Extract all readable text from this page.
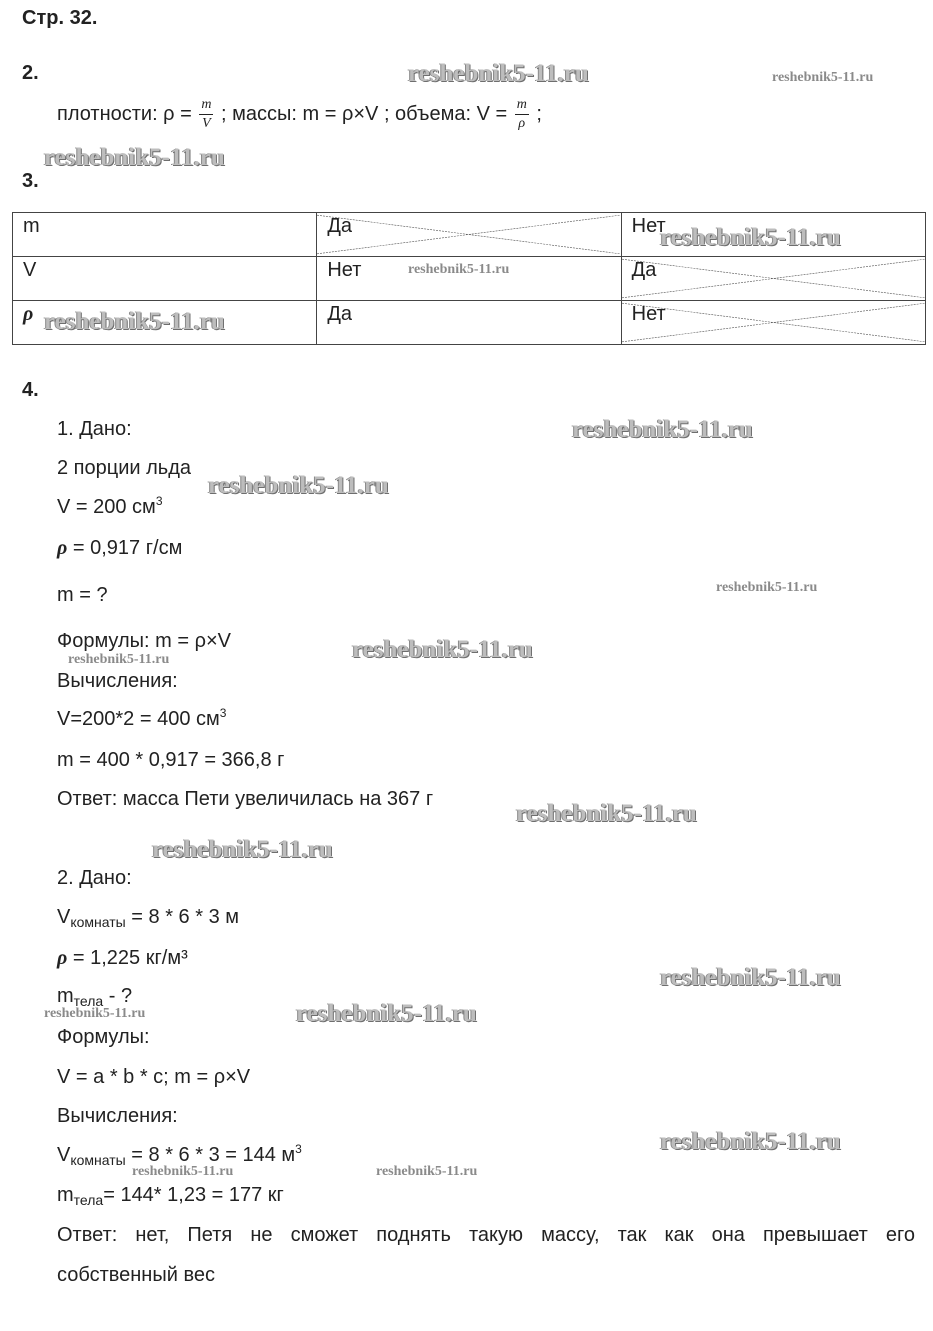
Стр. 32.
2.
плотности: $\rho = \frac{m}{V}$ ; массы: m = ρ×V ; объема: $V = \frac{m}{\rho}$ ;
3.
m	Да	Нет
V	Нет	Да
ρ	Да	Нет
4.
1. Дано:
2 порции льда
V = 200 $см^3$
ρ = 0,917 г/см
m = ?
Формулы: m = ρ×V
Вычисления:
V=200*2 = 400 $см^3$
m = 400 * 0,917 = 366,8 г
Ответ: масса Пети увеличилась на 367 г
2. Дано:
$V_{комнаты} = 8 * 6 * 3$ м
ρ = 1,225 кг/м³
$m_{тела}$ - ?
Формулы:
V = a * b * c; m = ρ×V
Вычисления:
$V_{комнаты} = 8 * 6 * 3 = 144$ $м^3$
$m_{тела}= 144*$ 1,23 = 177 кг
Ответ: нет, Петя не сможет поднять такую массу, так как она превышает его
собственный вес
reshebnik5-11.ru	reshebnik5-11.ru
reshebnik5-11.ru
reshebnik5-11.ru
reshebnik5-11.ru
reshebnik5-11.ru
reshebnik5-11.ru
reshebnik5-11.ru
reshebnik5-11.ru
reshebnik5-11.ru
reshebnik5-11.ru
reshebnik5-11.ru
reshebnik5-11.ru
reshebnik5-11.ru
reshebnik5-11.ru	reshebnik5-11.ru
reshebnik5-11.ru
reshebnik5-11.ru	reshebnik5-11.ru
